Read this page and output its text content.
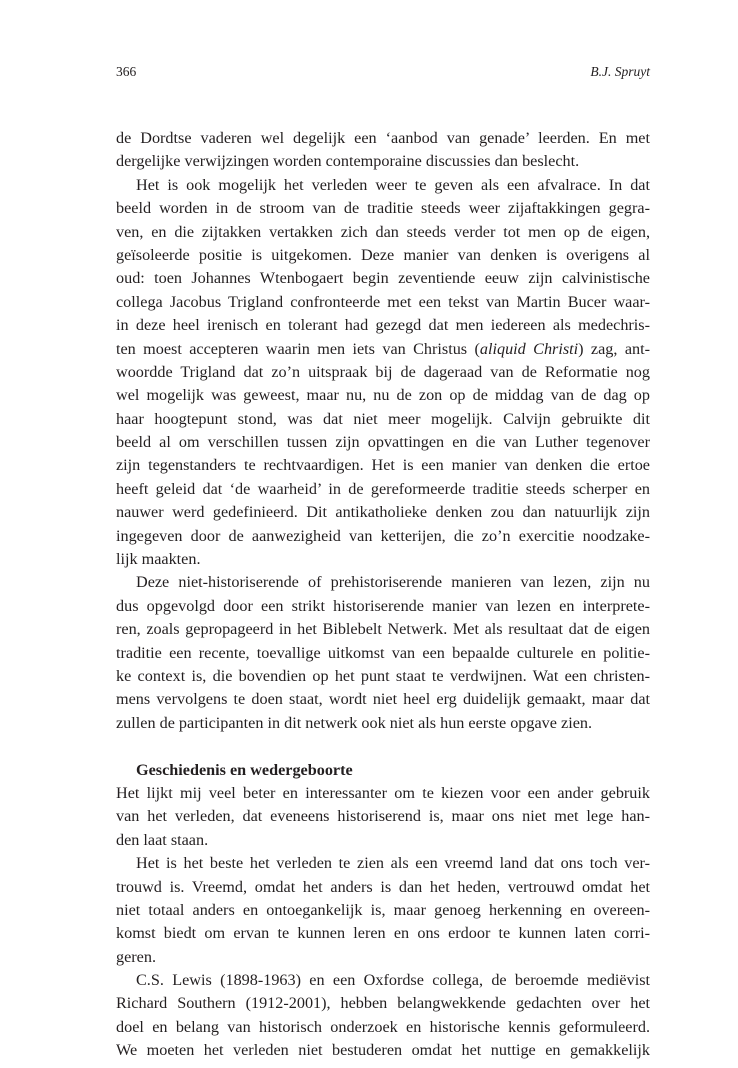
366	B.J. Spruyt
de Dordtse vaderen wel degelijk een ‘aanbod van genade’ leerden. En met
dergelijke verwijzingen worden contemporaine discussies dan beslecht.
Het is ook mogelijk het verleden weer te geven als een afvalrace. In dat
beeld worden in de stroom van de traditie steeds weer zijaftakkingen gegra-
ven, en die zijtakken vertakken zich dan steeds verder tot men op de eigen,
geïsoleerde positie is uitgekomen. Deze manier van denken is overigens al
oud: toen Johannes Wtenbogaert begin zeventiende eeuw zijn calvinistische
collega Jacobus Trigland confronteerde met een tekst van Martin Bucer waar-
in deze heel irenisch en tolerant had gezegd dat men iedereen als medechris-
ten moest accepteren waarin men iets van Christus (aliquid Christi) zag, ant-
woordde Trigland dat zo’n uitspraak bij de dageraad van de Reformatie nog
wel mogelijk was geweest, maar nu, nu de zon op de middag van de dag op
haar hoogtepunt stond, was dat niet meer mogelijk. Calvijn gebruikte dit
beeld al om verschillen tussen zijn opvattingen en die van Luther tegenover
zijn tegenstanders te rechtvaardigen. Het is een manier van denken die ertoe
heeft geleid dat ‘de waarheid’ in de gereformeerde traditie steeds scherper en
nauwer werd gedefinieerd. Dit antikatholieke denken zou dan natuurlijk zijn
ingegeven door de aanwezigheid van ketterijen, die zo’n exercitie noodzake-
lijk maakten.
Deze niet-historiserende of prehistoriserende manieren van lezen, zijn nu
dus opgevolgd door een strikt historiserende manier van lezen en interprete-
ren, zoals gepropageerd in het Biblebelt Netwerk. Met als resultaat dat de eigen
traditie een recente, toevallige uitkomst van een bepaalde culturele en politie-
ke context is, die bovendien op het punt staat te verdwijnen. Wat een christen-
mens vervolgens te doen staat, wordt niet heel erg duidelijk gemaakt, maar dat
zullen de participanten in dit netwerk ook niet als hun eerste opgave zien.
Geschiedenis en wedergeboorte
Het lijkt mij veel beter en interessanter om te kiezen voor een ander gebruik
van het verleden, dat eveneens historiserend is, maar ons niet met lege han-
den laat staan.
Het is het beste het verleden te zien als een vreemd land dat ons toch ver-
trouwd is. Vreemd, omdat het anders is dan het heden, vertrouwd omdat het
niet totaal anders en ontoegankelijk is, maar genoeg herkenning en overeen-
komst biedt om ervan te kunnen leren en ons erdoor te kunnen laten corri-
geren.
C.S. Lewis (1898-1963) en een Oxfordse collega, de beroemde mediëvist
Richard Southern (1912-2001), hebben belangwekkende gedachten over het
doel en belang van historisch onderzoek en historische kennis geformuleerd.
We moeten het verleden niet bestuderen omdat het nuttige en gemakkelijk
